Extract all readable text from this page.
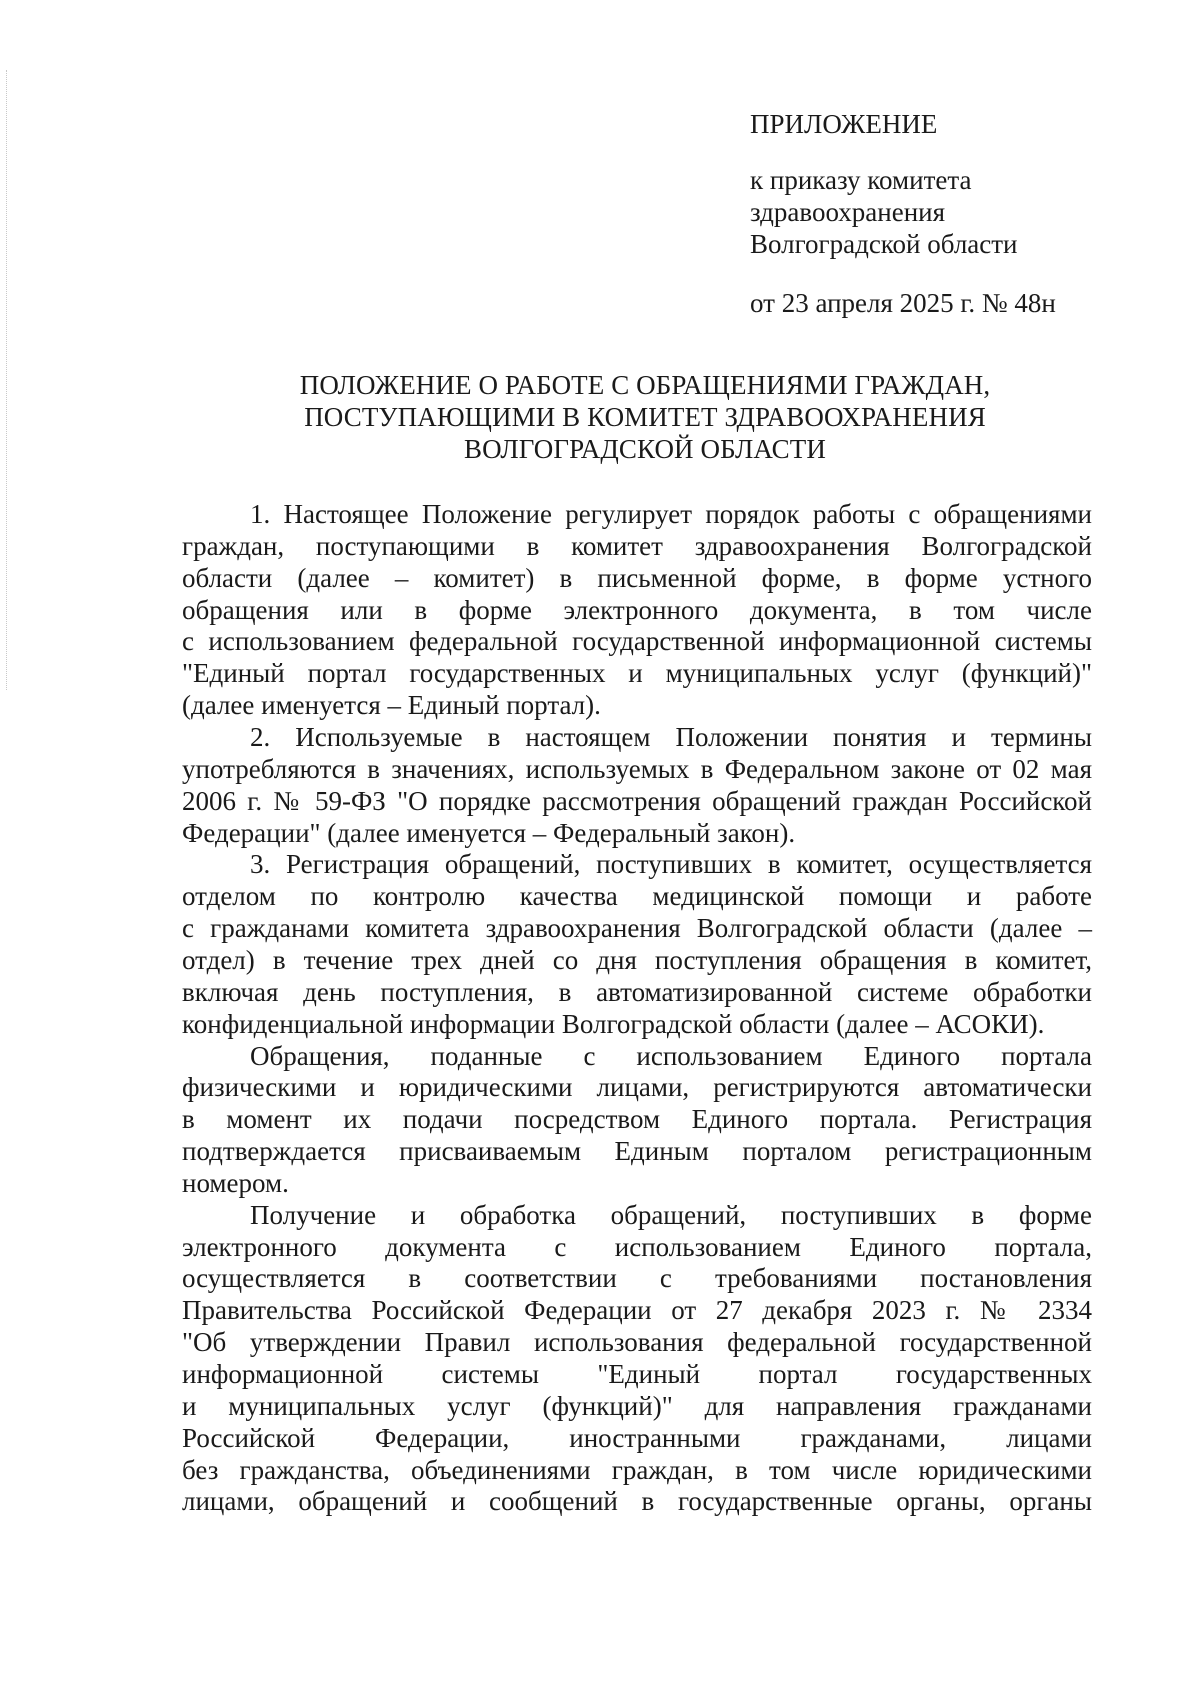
ПРИЛОЖЕНИЕ
к приказу комитета
здравоохранения
Волгоградской области
от 23 апреля 2025 г. № 48н
ПОЛОЖЕНИЕ О РАБОТЕ С ОБРАЩЕНИЯМИ ГРАЖДАН,
ПОСТУПАЮЩИМИ В КОМИТЕТ ЗДРАВООХРАНЕНИЯ
ВОЛГОГРАДСКОЙ ОБЛАСТИ
1. Настоящее Положение регулирует порядок работы с обращениями
граждан, поступающими в комитет здравоохранения Волгоградской
области (далее – комитет) в письменной форме, в форме устного
обращения или в форме электронного документа, в том числе
с использованием федеральной государственной информационной системы
"Единый портал государственных и муниципальных услуг (функций)"
(далее именуется – Единый портал).
2. Используемые в настоящем Положении понятия и термины
употребляются в значениях, используемых в Федеральном законе от 02 мая
2006 г. № 59-ФЗ "О порядке рассмотрения обращений граждан Российской
Федерации" (далее именуется – Федеральный закон).
3. Регистрация обращений, поступивших в комитет, осуществляется
отделом по контролю качества медицинской помощи и работе
с гражданами комитета здравоохранения Волгоградской области (далее –
отдел) в течение трех дней со дня поступления обращения в комитет,
включая день поступления, в автоматизированной системе обработки
конфиденциальной информации Волгоградской области (далее – АСОКИ).
Обращения, поданные с использованием Единого портала
физическими и юридическими лицами, регистрируются автоматически
в момент их подачи посредством Единого портала. Регистрация
подтверждается присваиваемым Единым порталом регистрационным
номером.
Получение и обработка обращений, поступивших в форме
электронного документа с использованием Единого портала,
осуществляется в соответствии с требованиями постановления
Правительства Российской Федерации от 27 декабря 2023 г. № 2334
"Об утверждении Правил использования федеральной государственной
информационной системы "Единый портал государственных
и муниципальных услуг (функций)" для направления гражданами
Российской Федерации, иностранными гражданами, лицами
без гражданства, объединениями граждан, в том числе юридическими
лицами, обращений и сообщений в государственные органы, органы
